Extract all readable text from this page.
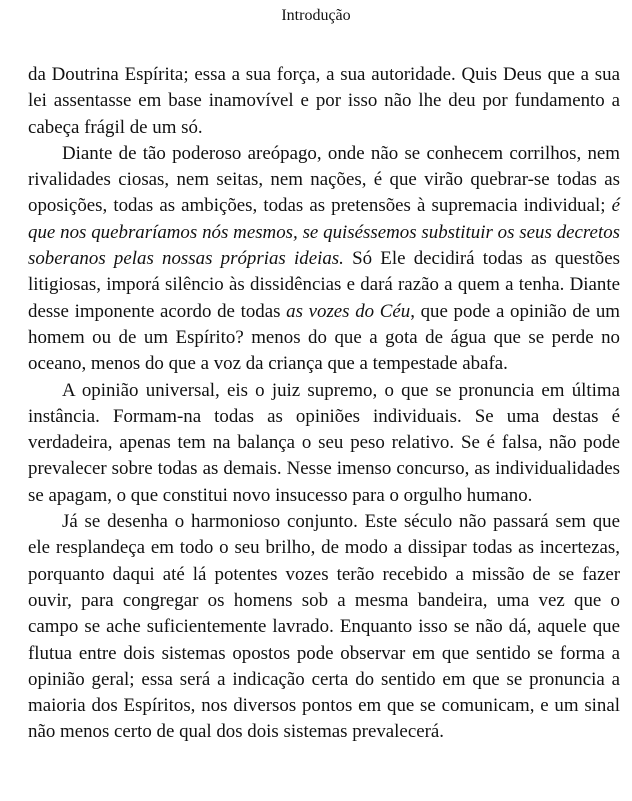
Introdução

da Doutrina Espírita; essa a sua força, a sua autoridade. Quis Deus que a sua lei assentasse em base inamovível e por isso não lhe deu por fundamento a cabeça frágil de um só.

Diante de tão poderoso areópago, onde não se conhecem corrilhos, nem rivalidades ciosas, nem seitas, nem nações, é que virão quebrar-se todas as oposições, todas as ambições, todas as pretensões à supremacia individual; é que nos quebraríamos nós mesmos, se quiséssemos substituir os seus decretos soberanos pelas nossas próprias ideias. Só Ele decidirá todas as questões litigiosas, imporá silêncio às dissidências e dará razão a quem a tenha. Diante desse imponente acordo de todas as vozes do Céu, que pode a opinião de um homem ou de um Espírito? menos do que a gota de água que se perde no oceano, menos do que a voz da criança que a tempestade abafa.

A opinião universal, eis o juiz supremo, o que se pronuncia em última instância. Formam-na todas as opiniões individuais. Se uma destas é verdadeira, apenas tem na balança o seu peso relativo. Se é falsa, não pode prevalecer sobre todas as demais. Nesse imenso concurso, as individualidades se apagam, o que constitui novo insucesso para o orgulho humano.

Já se desenha o harmonioso conjunto. Este século não passará sem que ele resplandeça em todo o seu brilho, de modo a dissipar todas as incertezas, porquanto daqui até lá potentes vozes terão recebido a missão de se fazer ouvir, para congregar os homens sob a mesma bandeira, uma vez que o campo se ache suficientemente lavrado. Enquanto isso se não dá, aquele que flutua entre dois sistemas opostos pode observar em que sentido se forma a opinião geral; essa será a indicação certa do sentido em que se pronuncia a maioria dos Espíritos, nos diversos pontos em que se comunicam, e um sinal não menos certo de qual dos dois sistemas prevalecerá.
